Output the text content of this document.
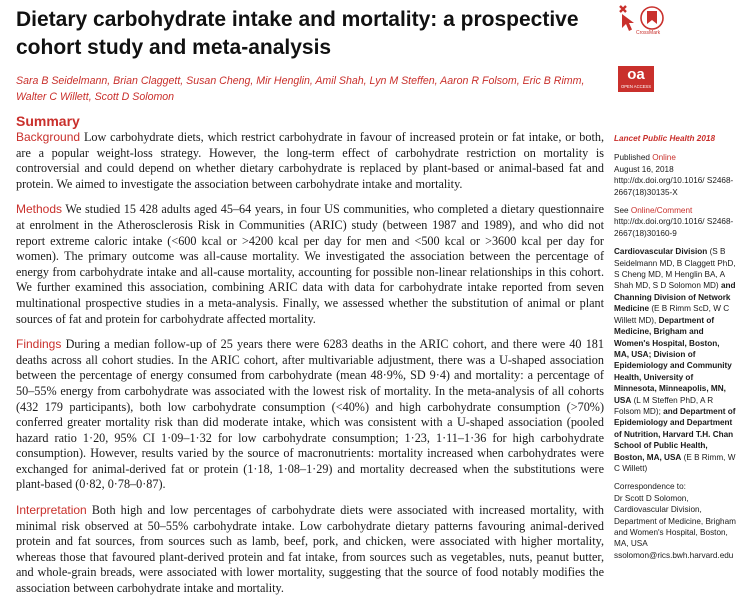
Dietary carbohydrate intake and mortality: a prospective cohort study and meta-analysis
CrossMark

Sara B Seidelmann, Brian Claggett, Susan Cheng, Mir Henglin, Amil Shah, Lyn M Steffen, Aaron R Folsom, Eric B Rimm, Walter C Willett, Scott D Solomon

oa
OPEN ACCESS
Summary

Background Low carbohydrate diets, which restrict carbohydrate in favour of increased protein or fat intake, or both, are a popular weight-loss strategy. However, the long-term effect of carbohydrate restriction on mortality is controversial and could depend on whether dietary carbohydrate is replaced by plant-based or animal-based fat and protein. We aimed to investigate the association between carbohydrate intake and mortality.

Methods We studied 15 428 adults aged 45–64 years, in four US communities, who completed a dietary questionnaire at enrolment in the Atherosclerosis Risk in Communities (ARIC) study (between 1987 and 1989), and who did not report extreme caloric intake (<600 kcal or >4200 kcal per day for men and <500 kcal or >3600 kcal per day for women). The primary outcome was all-cause mortality. We investigated the association between the percentage of energy from carbohydrate intake and all-cause mortality, accounting for possible non-linear relationships in this cohort. We further examined this association, combining ARIC data with data for carbohydrate intake reported from seven multinational prospective studies in a meta-analysis. Finally, we assessed whether the substitution of animal or plant sources of fat and protein for carbohydrate affected mortality.

Findings During a median follow-up of 25 years there were 6283 deaths in the ARIC cohort, and there were 40 181 deaths across all cohort studies. In the ARIC cohort, after multivariable adjustment, there was a U-shaped association between the percentage of energy consumed from carbohydrate (mean 48·9%, SD 9·4) and mortality: a percentage of 50–55% energy from carbohydrate was associated with the lowest risk of mortality. In the meta-analysis of all cohorts (432 179 participants), both low carbohydrate consumption (<40%) and high carbohydrate consumption (>70%) conferred greater mortality risk than did moderate intake, which was consistent with a U-shaped association (pooled hazard ratio 1·20, 95% CI 1·09–1·32 for low carbohydrate consumption; 1·23, 1·11–1·36 for high carbohydrate consumption). However, results varied by the source of macronutrients: mortality increased when carbohydrates were exchanged for animal-derived fat or protein (1·18, 1·08–1·29) and mortality decreased when the substitutions were plant-based (0·82, 0·78–0·87).

Interpretation Both high and low percentages of carbohydrate diets were associated with increased mortality, with minimal risk observed at 50–55% carbohydrate intake. Low carbohydrate dietary patterns favouring animal-derived protein and fat sources, from sources such as lamb, beef, pork, and chicken, were associated with higher mortality, whereas those that favoured plant-derived protein and fat intake, from sources such as vegetables, nuts, peanut butter, and whole-grain breads, were associated with lower mortality, suggesting that the source of food notably modifies the association between carbohydrate intake and mortality.

Lancet Public Health 2018
Published Online
August 16, 2018
http://dx.doi.org/10.1016/ S2468-2667(18)30135-X
See Online/Comment
http://dx.doi.org/10.1016/ S2468-2667(18)30160-9
Cardiovascular Division (S B Seidelmann MD, B Claggett PhD, S Cheng MD, M Henglin BA, A Shah MD, S D Solomon MD) and Channing Division of Network Medicine (E B Rimm ScD, W C Willett MD), Department of Medicine, Brigham and Women's Hospital, Boston, MA, USA; Division of Epidemiology and Community Health, University of Minnesota, Minneapolis, MN, USA (L M Steffen PhD, A R Folsom MD); and Department of Epidemiology and Department of Nutrition, Harvard T.H. Chan School of Public Health, Boston, MA, USA (E B Rimm, W C Willett)
Correspondence to:
Dr Scott D Solomon, Cardiovascular Division, Department of Medicine, Brigham and Women's Hospital, Boston, MA, USA
ssolomon@rics.bwh.harvard.edu
